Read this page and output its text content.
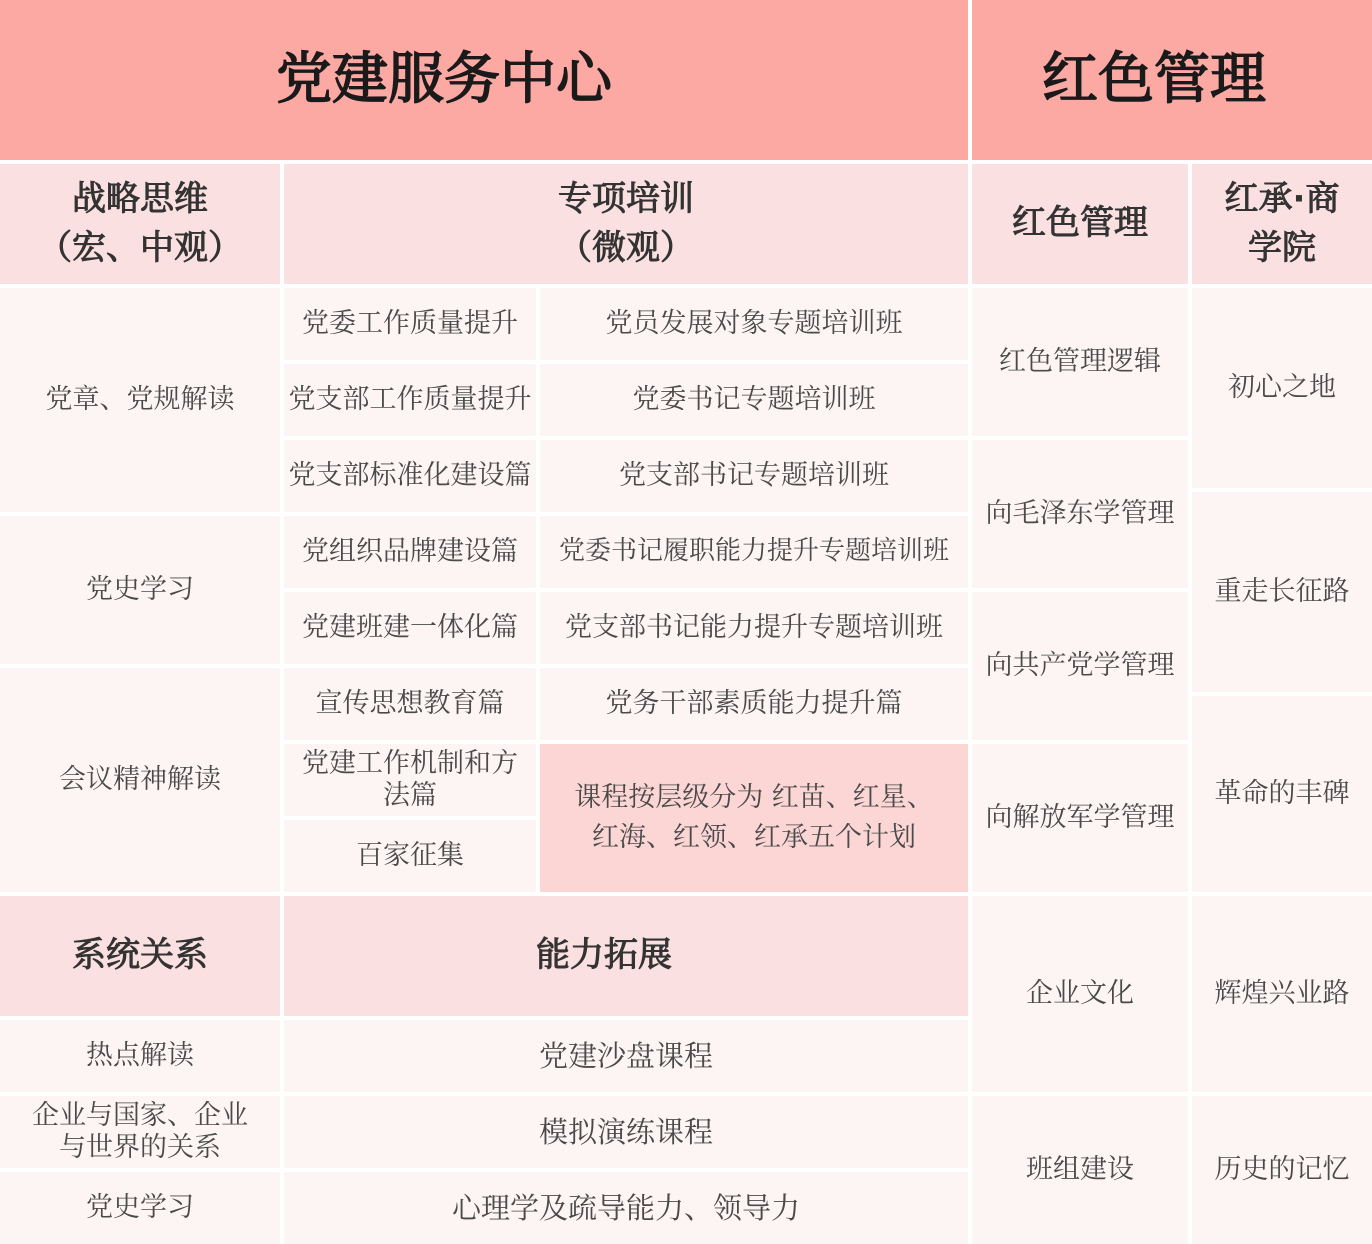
党建服务中心	红色管理
战略思维
（宏、中观）
专项培训
（微观）
红色管理
红承·商
学院
党章、党规解读
党史学习
会议精神解读
党委工作质量提升
党支部工作质量提升
党支部标准化建设篇
党组织品牌建设篇
党建班建一体化篇
宣传思想教育篇
党建工作机制和方
法篇
百家征集
党员发展对象专题培训班
党委书记专题培训班
党支部书记专题培训班
党委书记履职能力提升专题培训班
党支部书记能力提升专题培训班
党务干部素质能力提升篇
课程按层级分为 红苗、红星、
红海、红领、红承五个计划
红色管理逻辑
向毛泽东学管理
向共产党学管理
向解放军学管理
企业文化
班组建设
初心之地
重走长征路
革命的丰碑
辉煌兴业路
历史的记忆
系统关系
热点解读
企业与国家、企业
与世界的关系
党史学习
能力拓展
党建沙盘课程
模拟演练课程
心理学及疏导能力、领导力
